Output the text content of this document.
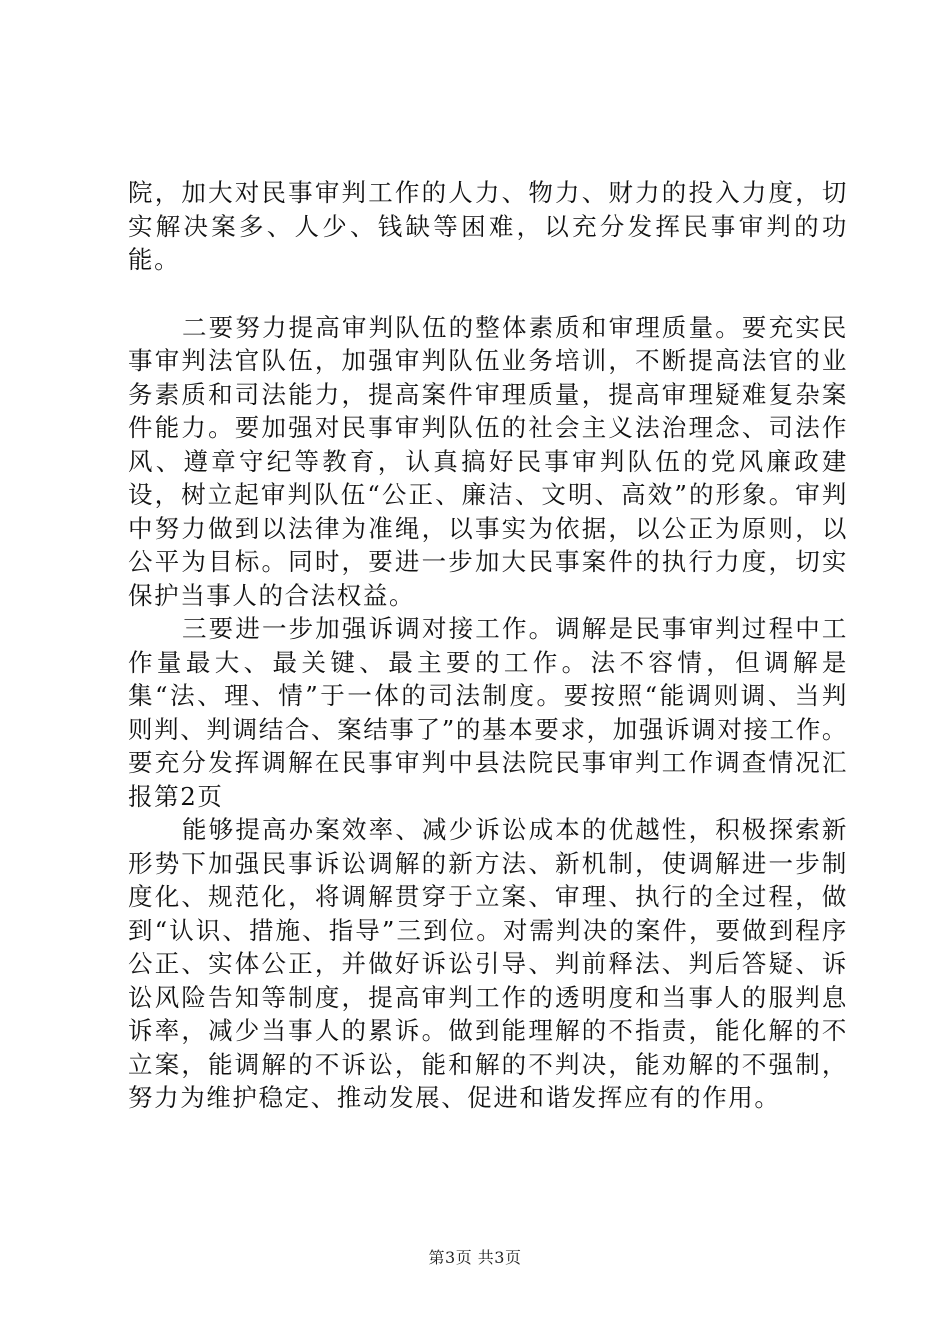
院，加大对民事审判工作的人力、物力、财力的投入力度，切实解决案多、人少、钱缺等困难，以充分发挥民事审判的功能。

二要努力提高审判队伍的整体素质和审理质量。要充实民事审判法官队伍，加强审判队伍业务培训，不断提高法官的业务素质和司法能力，提高案件审理质量，提高审理疑难复杂案件能力。要加强对民事审判队伍的社会主义法治理念、司法作风、遵章守纪等教育，认真搞好民事审判队伍的党风廉政建设，树立起审判队伍“公正、廉洁、文明、高效”的形象。审判中努力做到以法律为准绳，以事实为依据，以公正为原则，以公平为目标。同时，要进一步加大民事案件的执行力度，切实保护当事人的合法权益。

三要进一步加强诉调对接工作。调解是民事审判过程中工作量最大、最关键、最主要的工作。法不容情，但调解是集“法、理、情”于一体的司法制度。要按照“能调则调、当判则判、判调结合、案结事了”的基本要求，加强诉调对接工作。要充分发挥调解在民事审判中县法院民事审判工作调查情况汇报第2页

能够提高办案效率、减少诉讼成本的优越性，积极探索新形势下加强民事诉讼调解的新方法、新机制，使调解进一步制度化、规范化，将调解贯穿于立案、审理、执行的全过程，做到“认识、措施、指导”三到位。对需判决的案件，要做到程序公正、实体公正，并做好诉讼引导、判前释法、判后答疑、诉讼风险告知等制度，提高审判工作的透明度和当事人的服判息诉率，减少当事人的累诉。做到能理解的不指责，能化解的不立案，能调解的不诉讼，能和解的不判决，能劝解的不强制，努力为维护稳定、推动发展、促进和谐发挥应有的作用。

第3页 共3页
